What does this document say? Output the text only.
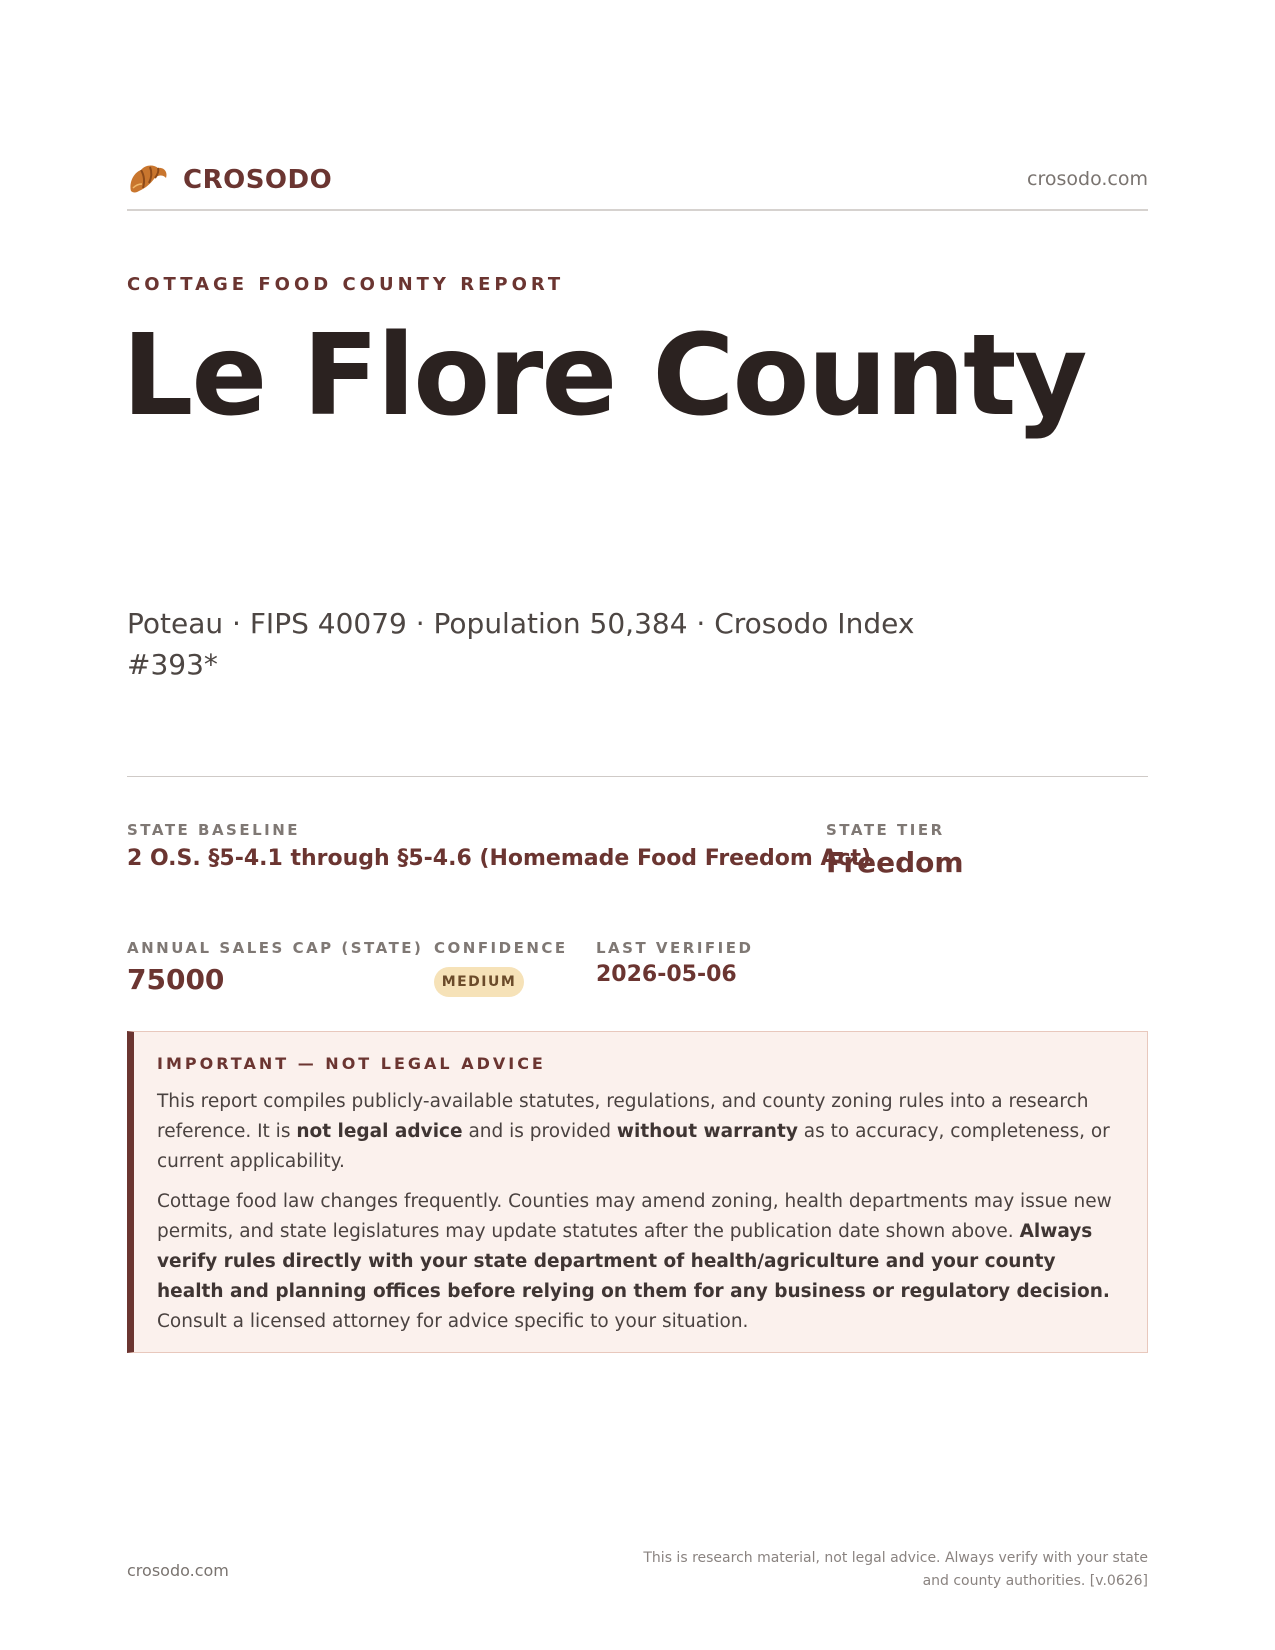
CROSODO	crosodo.com
COTTAGE FOOD COUNTY REPORT
Le Flore County
Poteau · FIPS 40079 · Population 50,384 · Crosodo Index #393*
STATE BASELINE
2 O.S. §5-4.1 through §5-4.6 (Homemade Food Freedom Act)
STATE TIER
Freedom
ANNUAL SALES CAP (STATE)
75000
CONFIDENCE
MEDIUM
LAST VERIFIED
2026-05-06
IMPORTANT — NOT LEGAL ADVICE

This report compiles publicly-available statutes, regulations, and county zoning rules into a research reference. It is not legal advice and is provided without warranty as to accuracy, completeness, or current applicability.

Cottage food law changes frequently. Counties may amend zoning, health departments may issue new permits, and state legislatures may update statutes after the publication date shown above. Always verify rules directly with your state department of health/agriculture and your county health and planning offices before relying on them for any business or regulatory decision. Consult a licensed attorney for advice specific to your situation.

crosodo.com
This is research material, not legal advice. Always verify with your state
and county authorities. [v.0626]
